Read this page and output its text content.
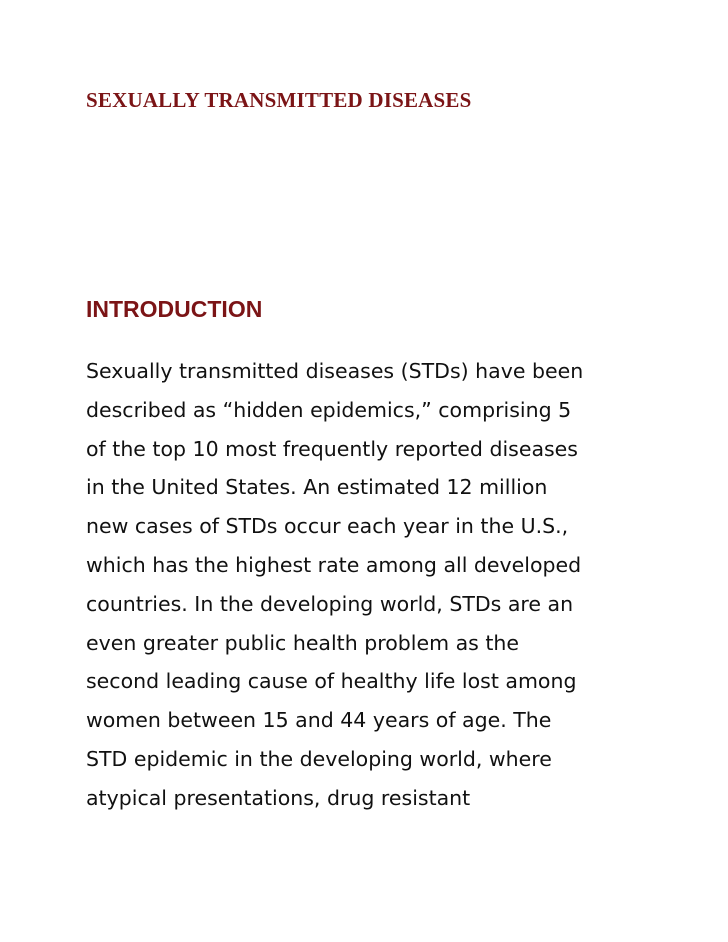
SEXUALLY TRANSMITTED DISEASES
INTRODUCTION
Sexually transmitted diseases (STDs) have been
described as “hidden epidemics,” comprising 5
of the top 10 most frequently reported diseases
in the United States. An estimated 12 million
new cases of STDs occur each year in the U.S.,
which has the highest rate among all developed
countries. In the developing world, STDs are an
even greater public health problem as the
second leading cause of healthy life lost among
women between 15 and 44 years of age. The
STD epidemic in the developing world, where
atypical presentations, drug resistant
